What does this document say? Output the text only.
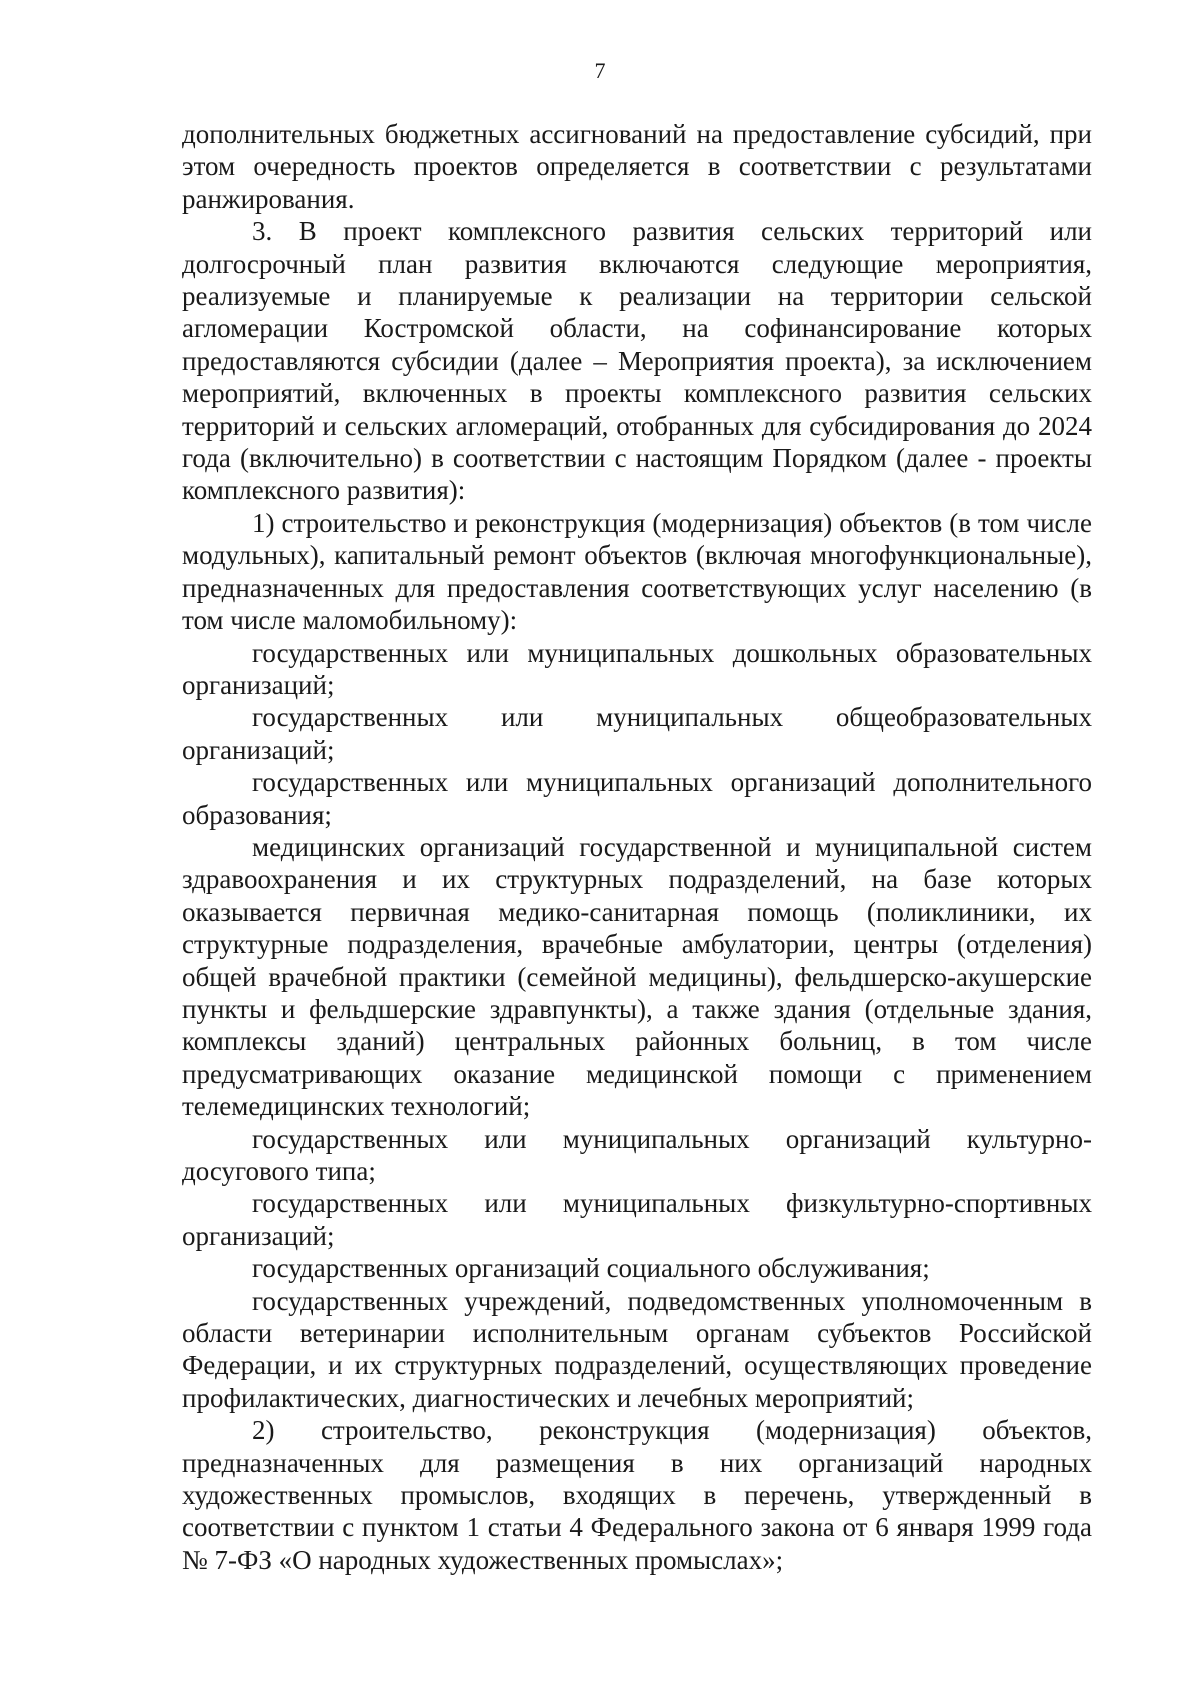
7

дополнительных бюджетных ассигнований на предоставление субсидий, при этом очередность проектов определяется в соответствии с результатами ранжирования.

3. В проект комплексного развития сельских территорий или долгосрочный план развития включаются следующие мероприятия, реализуемые и планируемые к реализации на территории сельской агломерации Костромской области, на софинансирование которых предоставляются субсидии (далее – Мероприятия проекта), за исключением мероприятий, включенных в проекты комплексного развития сельских территорий и сельских агломераций, отобранных для субсидирования до 2024 года (включительно) в соответствии с настоящим Порядком (далее - проекты комплексного развития):

1) строительство и реконструкция (модернизация) объектов (в том числе модульных), капитальный ремонт объектов (включая многофункциональные), предназначенных для предоставления соответствующих услуг населению (в том числе маломобильному):

государственных или муниципальных дошкольных образовательных организаций;

государственных или муниципальных общеобразовательных организаций;

государственных или муниципальных организаций дополнительного образования;

медицинских организаций государственной и муниципальной систем здравоохранения и их структурных подразделений, на базе которых оказывается первичная медико-санитарная помощь (поликлиники, их структурные подразделения, врачебные амбулатории, центры (отделения) общей врачебной практики (семейной медицины), фельдшерско-акушерские пункты и фельдшерские здравпункты), а также здания (отдельные здания, комплексы зданий) центральных районных больниц, в том числе предусматривающих оказание медицинской помощи с применением телемедицинских технологий;

государственных или муниципальных организаций культурно-досугового типа;

государственных или муниципальных физкультурно-спортивных организаций;

государственных организаций социального обслуживания;

государственных учреждений, подведомственных уполномоченным в области ветеринарии исполнительным органам субъектов Российской Федерации, и их структурных подразделений, осуществляющих проведение профилактических, диагностических и лечебных мероприятий;

2) строительство, реконструкция (модернизация) объектов, предназначенных для размещения в них организаций народных художественных промыслов, входящих в перечень, утвержденный в соответствии с пунктом 1 статьи 4 Федерального закона от 6 января 1999 года № 7-ФЗ «О народных художественных промыслах»;
